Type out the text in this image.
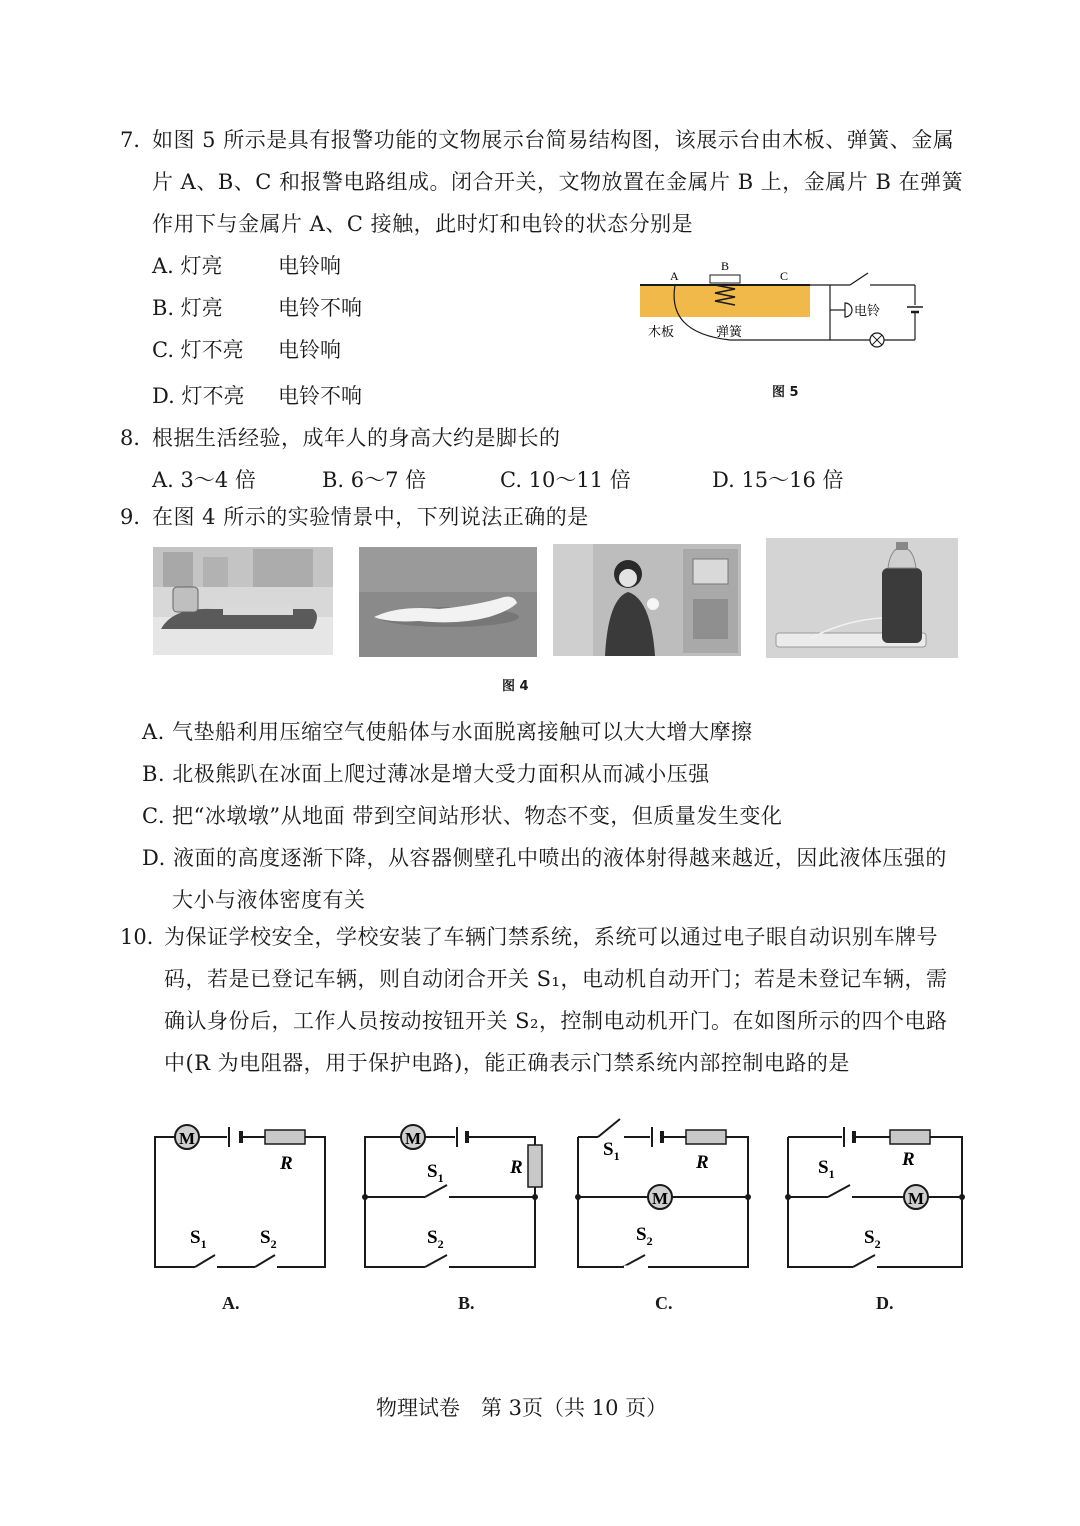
7．
如图 5 所示是具有报警功能的文物展示台简易结构图，该展示台由木板、弹簧、金属
片 A、B、C 和报警电路组成。闭合开关，文物放置在金属片 B 上，金属片 B 在弹簧
作用下与金属片 A、C 接触，此时灯和电铃的状态分别是
A. 灯亮	电铃响
B. 灯亮	电铃不响
C. 灯不亮 电铃响
D. 灯不亮 电铃不响
A
B
C
木板	弹簧
电铃
图 5
8．
根据生活经验，成年人的身高大约是脚长的
A. 3～4 倍	B. 6～7 倍	C. 10～11 倍	D. 15～16 倍
9．
在图 4 所示的实验情景中，下列说法正确的是
图 4
A. 气垫船利用压缩空气使船体与水面脱离接触可以大大增大摩擦
B. 北极熊趴在冰面上爬过薄冰是增大受力面积从而减小压强
C. 把“冰墩墩”从地面 带到空间站形状、物态不变，但质量发生变化
D. 液面的高度逐渐下降，从容器侧壁孔中喷出的液体射得越来越近，因此液体压强的
大小与液体密度有关
10．
为保证学校安全，学校安装了车辆门禁系统，系统可以通过电子眼自动识别车牌号
码，若是已登记车辆，则自动闭合开关 S₁，电动机自动开门；若是未登记车辆，需
确认身份后，工作人员按动按钮开关 S₂，控制电动机开门。在如图所示的四个电路
中(R 为电阻器，用于保护电路)，能正确表示门禁系统内部控制电路的是
M
R
$S_1$	$S_2$
A.
M
R
$S_1$
$S_2$
B.
M
R
$S_1$
$S_2$
C.
M
R
$S_1$
$S_2$
D.
物理试卷　第 3页（共 10 页）
